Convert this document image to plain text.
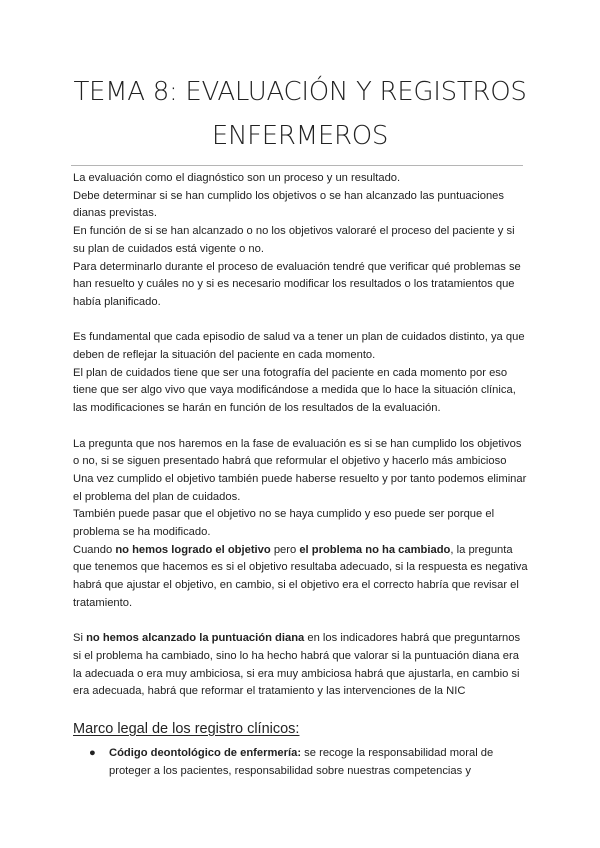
TEMA 8: EVALUACIÓN Y REGISTROS
ENFERMEROS

La evaluación como el diagnóstico son un proceso y un resultado.

Debe determinar si se han cumplido los objetivos o se han alcanzado las puntuaciones dianas previstas.

En función de si se han alcanzado o no los objetivos valoraré el proceso del paciente y si su plan de cuidados está vigente o no.

Para determinarlo durante el proceso de evaluación tendré que verificar qué problemas se han resuelto y cuáles no y si es necesario modificar los resultados o los tratamientos que había planificado.

Es fundamental que cada episodio de salud va a tener un plan de cuidados distinto, ya que deben de reflejar la situación del paciente en cada momento.

El plan de cuidados tiene que ser una fotografía del paciente en cada momento por eso tiene que ser algo vivo que vaya modificándose a medida que lo hace la situación clínica, las modificaciones se harán en función de los resultados de la evaluación.

La pregunta que nos haremos en la fase de evaluación es si se han cumplido los objetivos o no, si se siguen presentado habrá que reformular el objetivo y hacerlo más ambicioso

Una vez cumplido el objetivo también puede haberse resuelto y por tanto podemos eliminar el problema del plan de cuidados.

También puede pasar que el objetivo no se haya cumplido y eso puede ser porque el problema se ha modificado.

Cuando no hemos logrado el objetivo pero el problema no ha cambiado, la pregunta que tenemos que hacemos es si el objetivo resultaba adecuado, si la respuesta es negativa habrá que ajustar el objetivo, en cambio, si el objetivo era el correcto habría que revisar el tratamiento.

Si no hemos alcanzado la puntuación diana en los indicadores habrá que preguntarnos si el problema ha cambiado, sino lo ha hecho habrá que valorar si la puntuación diana era la adecuada o era muy ambiciosa, si era muy ambiciosa habrá que ajustarla, en cambio si era adecuada, habrá que reformar el tratamiento y las intervenciones de la NIC

Marco legal de los registro clínicos:

● Código deontológico de enfermería: se recoge la responsabilidad moral de proteger a los pacientes, responsabilidad sobre nuestras competencias y
